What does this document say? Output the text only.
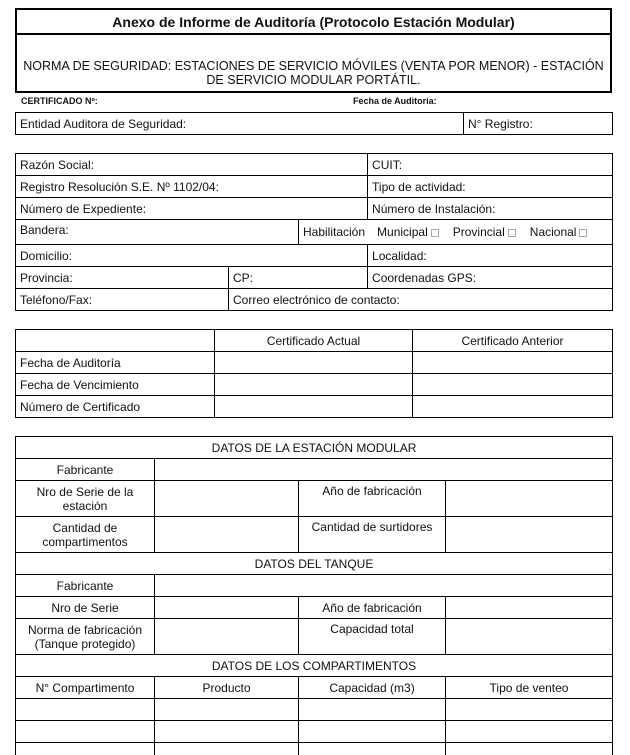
Anexo de Informe de Auditoría (Protocolo Estación Modular)
NORMA DE SEGURIDAD: ESTACIONES DE SERVICIO MÓVILES (VENTA POR MENOR) - ESTACIÓN DE SERVICIO MODULAR PORTÁTIL.
CERTIFICADO Nº:	Fecha de Auditoría:
Entidad Auditora de Seguridad:	N° Registro:
Razón Social:			CUIT:
Registro Resolución S.E. Nº 1102/04:			Tipo de actividad:
Número de Expediente:			Número de Instalación:
Bandera:		Habilitación Municipal Provincial Nacional	

Domicilio:			Localidad:
Provincia:	CP:		Coordenadas GPS:
Teléfono/Fax:	Correo electrónico de contacto:		
	Certificado Actual	Certificado Anterior
Fecha de Auditoría		
Fecha de Vencimiento		
Número de Certificado		
DATOS DE LA ESTACIÓN MODULAR			
Fabricante			
Nro de Serie de la estación		Año de fabricación	
Cantidad de compartimentos		Cantidad de surtidores	
DATOS DEL TANQUE			
Fabricante			
Nro de Serie		Año de fabricación	
Norma de fabricación (Tanque protegido)		Capacidad total	
DATOS DE LOS COMPARTIMENTOS			
N° Compartimento	Producto	Capacidad (m3)	Tipo de venteo
